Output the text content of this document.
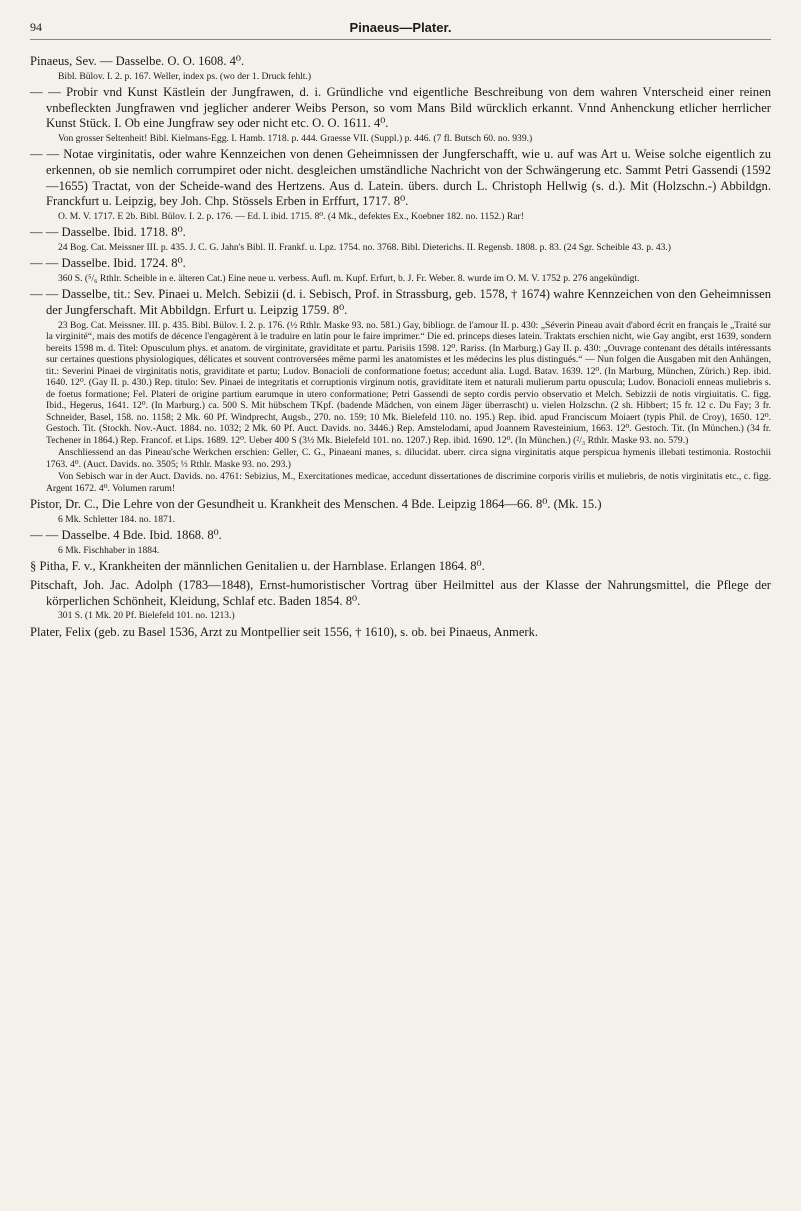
94	Pinaeus—Plater.
Pinaeus, Sev. — Dasselbe. O. O. 1608. 4⁰.
Bibl. Bülov. I. 2. p. 167. Weller, index ps. (wo der 1. Druck fehlt.)
— — Probir vnd Kunst Kästlein der Jungfrawen, d. i. Gründliche vnd eigentliche Beschreibung von dem wahren Vnterscheid einer reinen vnbefleckten Jungfrawen vnd jeglicher anderer Weibs Person, so vom Mans Bild würcklich erkannt. Vnnd Anhenckung etlicher herrlicher Kunst Stück. I. Ob eine Jungfraw sey oder nicht etc. O. O. 1611. 4⁰.
Von grosser Seltenheit! Bibl. Kielmans-Egg. I. Hamb. 1718. p. 444. Graesse VII. (Suppl.) p. 446. (7 fl. Butsch 60. no. 939.)
— — Notae virginitatis, oder wahre Kennzeichen von denen Geheimnissen der Jungferschafft, wie u. auf was Art u. Weise solche eigentlich zu erkennen, ob sie nemlich corrumpiret oder nicht. desgleichen umständliche Nachricht von der Schwängerung etc. Sammt Petri Gassendi (1592—1655) Tractat, von der Scheide-wand des Hertzens. Aus d. Latein. übers. durch L. Christoph Hellwig (s. d.). Mit (Holzschn.-) Abbildgn. Franckfurt u. Leipzig, bey Joh. Chp. Stössels Erben in Erffurt, 1717. 8⁰.
O. M. V. 1717. E 2b. Bibl. Bülov. I. 2. p. 176. — Ed. I. ibid. 1715. 8⁰. (4 Mk., defektes Ex., Koebner 182. no. 1152.) Rar!
— — Dasselbe. Ibid. 1718. 8⁰.
24 Bog. Cat. Meissner III. p. 435. J. C. G. Jahn's Bibl. II. Frankf. u. Lpz. 1754. no. 3768. Bibl. Dieterichs. II. Regensb. 1808. p. 83. (24 Sgr. Scheible 43. p. 43.)
— — Dasselbe. Ibid. 1724. 8⁰.
360 S. (⁵/₆ Rthlr. Scheible in e. älteren Cat.) Eine neue u. verbess. Aufl. m. Kupf. Erfurt, b. J. Fr. Weber. 8. wurde im O. M. V. 1752 p. 276 angekündigt.
— — Dasselbe, tit.: Sev. Pinaei u. Melch. Sebizii (d. i. Sebisch, Prof. in Strassburg, geb. 1578, † 1674) wahre Kennzeichen von den Geheimnissen der Jungferschaft. Mit Abbildgn. Erfurt u. Leipzig 1759. 8⁰.
23 Bog. Cat. Meissner. III. p. 435. Bibl. Bülov. I. 2. p. 176. (½ Rthlr. Maske 93. no. 581.) Gay, bibliogr. de l'amour II. p. 430: „Séverin Pineau avait d'abord écrit en français le „Traité sur la virginité“, mais des motifs de décence l'engagèrent à le traduire en latin pour le faire imprimer.“ Die ed. princeps dieses latein. Traktats erschien nicht, wie Gay angibt, erst 1639, sondern bereits 1598 m. d. Titel: Opusculum phys. et anatom. de virginitate, graviditate et partu. Parisiis 1598. 12⁰. Rariss. (In Marburg.) Gay II. p. 430: „Ouvrage contenant des détails intéressants sur certaines questions physiologiques, délicates et souvent controversées même parmi les anatomistes et les médecins les plus distingués.“ — Nun folgen die Ausgaben mit den Anhängen, tit.: Severini Pinaei de virginitatis notis, graviditate et partu; Ludov. Bonacioli de conformatione foetus; accedunt alia. Lugd. Batav. 1639. 12⁰. (In Marburg, München, Zürich.) Rep. ibid. 1640. 12⁰. (Gay II. p. 430.) Rep. titulo: Sev. Pinaei de integritatis et corruptionis virginum notis, graviditate item et naturali mulierum partu opuscula; Ludov. Bonacioli enneas muliebris s. de foetus formatione; Fel. Plateri de origine partium earumque in utero conformatione; Petri Gassendi de septo cordis pervio observatio et Melch. Sebizzii de notis virgiuitatis. C. figg. Ibid., Hegerus, 1641. 12⁰. (In Marburg.) ca. 500 S. Mit hübschem TKpf. (badende Mädchen, von einem Jäger überrascht) u. vielen Holzschn. (2 sh. Hibbert; 15 fr. 12 c. Du Fay; 3 fr. Schneider, Basel, 158. no. 1158; 2 Mk. 60 Pf. Windprecht, Augsb., 270. no. 159; 10 Mk. Bielefeld 110. no. 195.) Rep. ibid. apud Franciscum Moiaert (typis Phil. de Croy), 1650. 12⁰. Gestoch. Tit. (Stockh. Nov.-Auct. 1884. no. 1032; 2 Mk. 60 Pf. Auct. Davids. no. 3446.) Rep. Amstelodami, apud Joannem Ravesteinium, 1663. 12⁰. Gestoch. Tit. (In München.) (34 fr. Techener in 1864.) Rep. Francof. et Lips. 1689. 12⁰. Ueber 400 S (3½ Mk. Bielefeld 101. no. 1207.) Rep. ibid. 1690. 12⁰. (In München.) (²/₃ Rthlr. Maske 93. no. 579.)
Anschliessend an das Pineau'sche Werkchen erschien: Geller, C. G., Pinaeani manes, s. dilucidat. uberr. circa signa virginitatis atque perspicua hymenis illebati testimonia. Rostochii 1763. 4⁰. (Auct. Davids. no. 3505; ⅓ Rthlr. Maske 93. no. 293.)
Von Sebisch war in der Auct. Davids. no. 4761: Sebizius, M., Exercitationes medicae, accedunt dissertationes de discrimine corporis virilis et muliebris, de notis virginitatis etc., c. figg. Argent 1672. 4⁰. Volumen rarum!
Pistor, Dr. C., Die Lehre von der Gesundheit u. Krankheit des Menschen. 4 Bde. Leipzig 1864—66. 8⁰. (Mk. 15.)
6 Mk. Schletter 184. no. 1871.
— — Dasselbe. 4 Bde. Ibid. 1868. 8⁰.
6 Mk. Fischhaber in 1884.
§ Pitha, F. v., Krankheiten der männlichen Genitalien u. der Harnblase. Erlangen 1864. 8⁰.
Pitschaft, Joh. Jac. Adolph (1783—1848), Ernst-humoristischer Vortrag über Heilmittel aus der Klasse der Nahrungsmittel, die Pflege der körperlichen Schönheit, Kleidung, Schlaf etc. Baden 1854. 8⁰.
301 S. (1 Mk. 20 Pf. Bielefeld 101. no. 1213.)
Plater, Felix (geb. zu Basel 1536, Arzt zu Montpellier seit 1556, † 1610), s. ob. bei Pinaeus, Anmerk.
